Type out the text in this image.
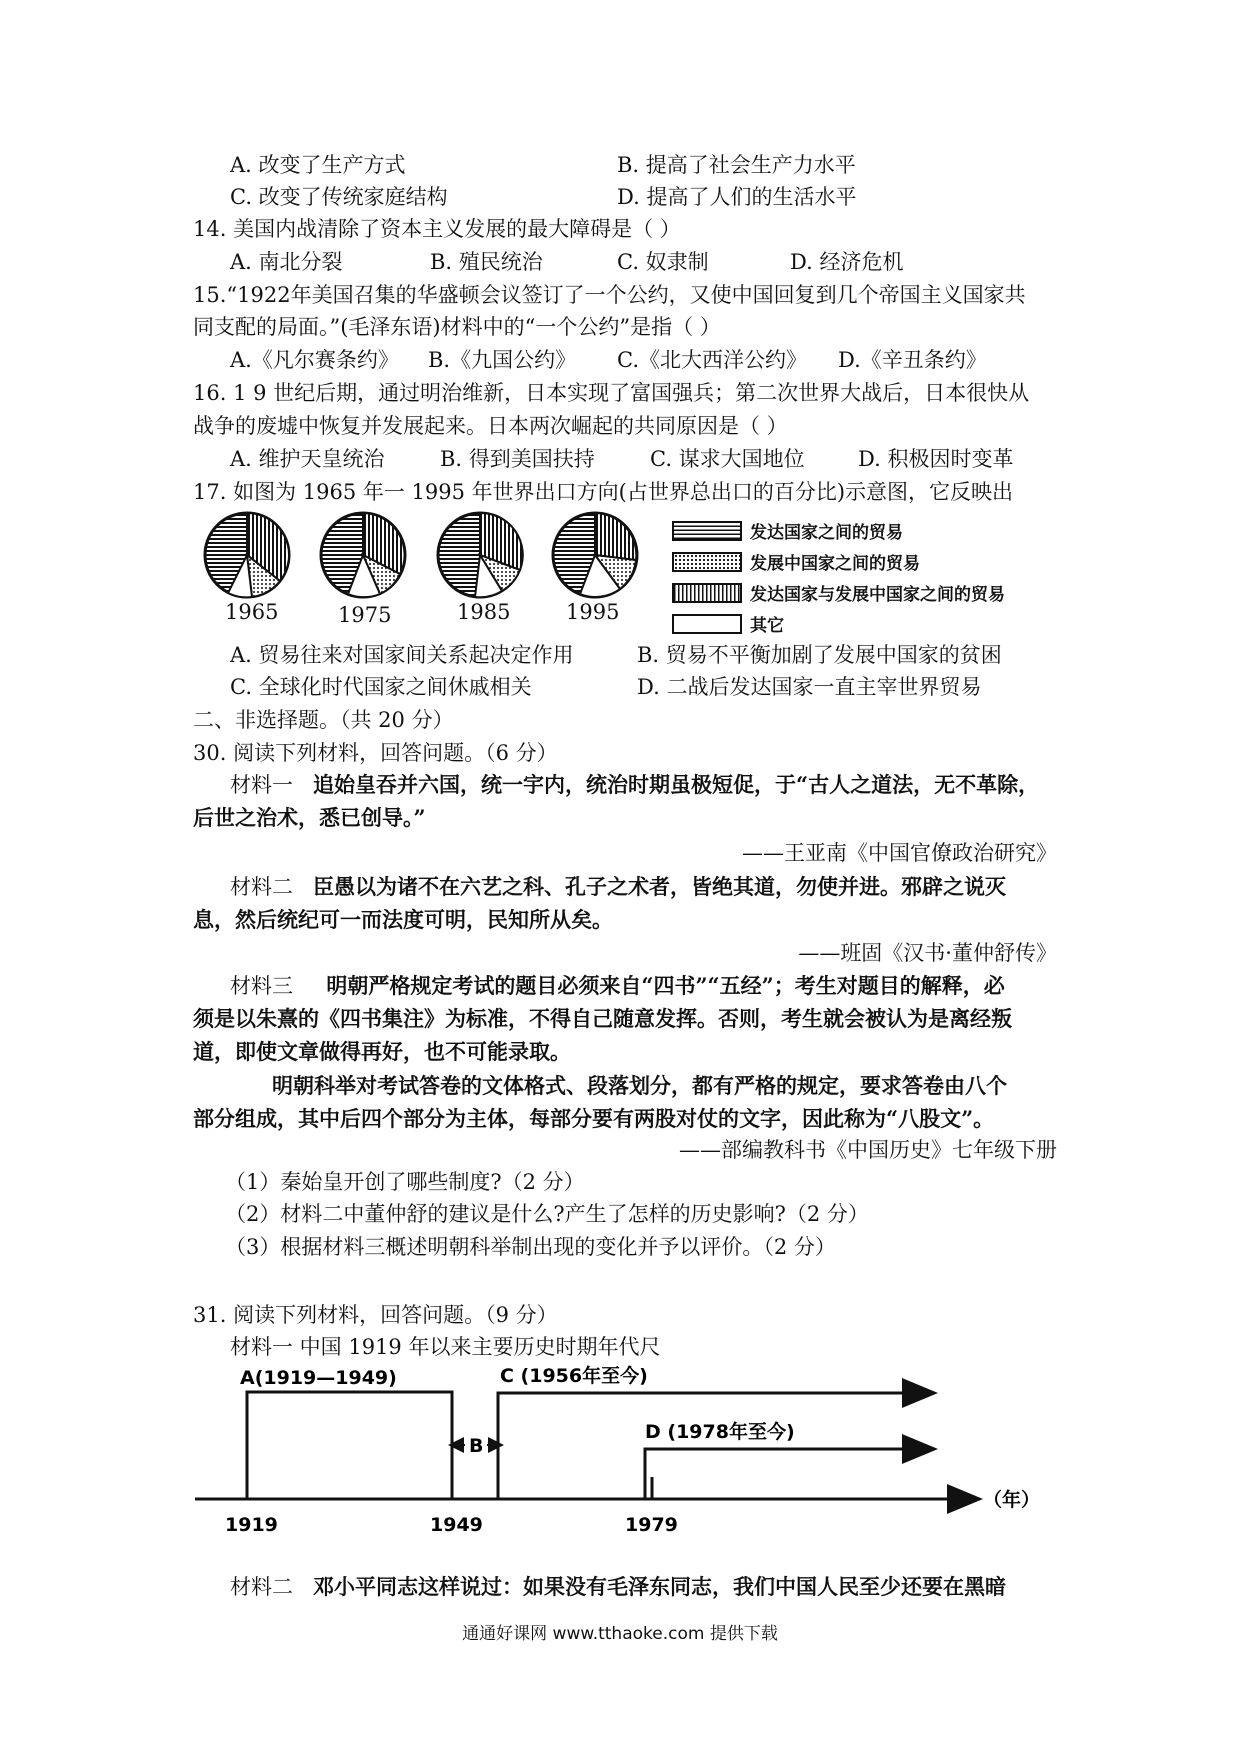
A. 改变了生产方式	B. 提高了社会生产力水平
C. 改变了传统家庭结构	D. 提高了人们的生活水平
14. 美国内战清除了资本主义发展的最大障碍是（ ）
A. 南北分裂	B. 殖民统治	C. 奴隶制	D. 经济危机
15.“1922年美国召集的华盛顿会议签订了一个公约，又使中国回复到几个帝国主义国家共
同支配的局面。”(毛泽东语)材料中的“一个公约”是指（ ）
A.《凡尔赛条约》 B.《九国公约》 C.《北大西洋公约》 D.《辛丑条约》
16. 1 9 世纪后期，通过明治维新，日本实现了富国强兵；第二次世界大战后，日本很快从
战争的废墟中恢复并发展起来。日本两次崛起的共同原因是（ ）
A. 维护天皇统治	B. 得到美国扶持	C. 谋求大国地位	D. 积极因时变革
17. 如图为 1965 年一 1995 年世界出口方向(占世界总出口的百分比)示意图，它反映出
1965	1975	1985	1995
发达国家之间的贸易
发展中国家之间的贸易
发达国家与发展中国家之间的贸易
其它
A. 贸易往来对国家间关系起决定作用	B. 贸易不平衡加剧了发展中国家的贫困
C. 全球化时代国家之间休戚相关	D. 二战后发达国家一直主宰世界贸易
二、非选择题。（共 20 分）
30. 阅读下列材料，回答问题。（6 分）
材料一 追始皇吞并六国，统一宇内，统治时期虽极短促，于“古人之道法，无不革除，
后世之治术，悉已创导。”
——王亚南《中国官僚政治研究》
材料二 臣愚以为诸不在六艺之科、孔子之术者，皆绝其道，勿使并进。邪辟之说灭
息，然后统纪可一而法度可明，民知所从矣。
——班固《汉书·董仲舒传》
材料三 明朝严格规定考试的题目必须来自“四书”“五经”；考生对题目的解释，必
须是以朱熹的《四书集注》为标准，不得自己随意发挥。否则，考生就会被认为是离经叛
道，即使文章做得再好，也不可能录取。
明朝科举对考试答卷的文体格式、段落划分，都有严格的规定，要求答卷由八个
部分组成，其中后四个部分为主体，每部分要有两股对仗的文字，因此称为“八股文”。
——部编教科书《中国历史》七年级下册
（1）秦始皇开创了哪些制度?（2 分）
（2）材料二中董仲舒的建议是什么?产生了怎样的历史影响?（2 分）
（3）根据材料三概述明朝科举制出现的变化并予以评价。（2 分）
31. 阅读下列材料，回答问题。（9 分）
材料一 中国 1919 年以来主要历史时期年代尺
A(1919—1949)
B
C (1956年至今)
D (1978年至今)
（年）
1919	1949	1979
材料二 邓小平同志这样说过：如果没有毛泽东同志，我们中国人民至少还要在黑暗
通通好课网 www.tthaoke.com 提供下载
